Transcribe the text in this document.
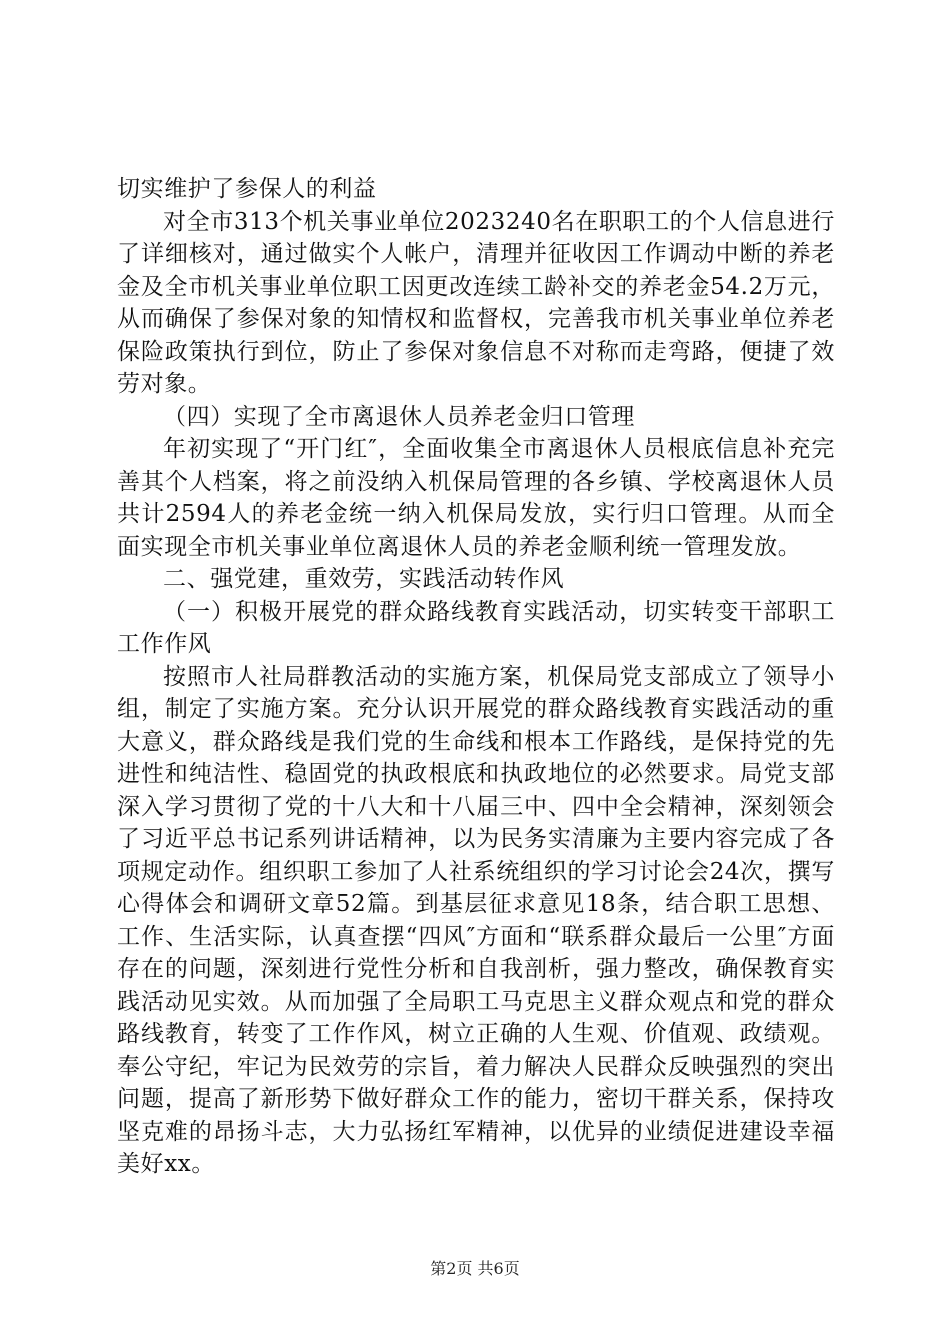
切实维护了参保人的利益

对全市313个机关事业单位2023240名在职职工的个人信息进行了详细核对，通过做实个人帐户，清理并征收因工作调动中断的养老金及全市机关事业单位职工因更改连续工龄补交的养老金54.2万元，从而确保了参保对象的知情权和监督权，完善我市机关事业单位养老保险政策执行到位，防止了参保对象信息不对称而走弯路，便捷了效劳对象。

（四）实现了全市离退休人员养老金归口管理

年初实现了“开门红″，全面收集全市离退休人员根底信息补充完善其个人档案，将之前没纳入机保局管理的各乡镇、学校离退休人员共计2594人的养老金统一纳入机保局发放，实行归口管理。从而全面实现全市机关事业单位离退休人员的养老金顺利统一管理发放。

二、强党建，重效劳，实践活动转作风

（一）积极开展党的群众路线教育实践活动，切实转变干部职工工作作风

按照市人社局群教活动的实施方案，机保局党支部成立了领导小组，制定了实施方案。充分认识开展党的群众路线教育实践活动的重大意义，群众路线是我们党的生命线和根本工作路线，是保持党的先进性和纯洁性、稳固党的执政根底和执政地位的必然要求。局党支部深入学习贯彻了党的十八大和十八届三中、四中全会精神，深刻领会了习近平总书记系列讲话精神，以为民务实清廉为主要内容完成了各项规定动作。组织职工参加了人社系统组织的学习讨论会24次，撰写心得体会和调研文章52篇。到基层征求意见18条，结合职工思想、工作、生活实际，认真查摆“四风″方面和“联系群众最后一公里″方面存在的问题，深刻进行党性分析和自我剖析，强力整改，确保教育实践活动见实效。从而加强了全局职工马克思主义群众观点和党的群众路线教育，转变了工作作风，树立正确的人生观、价值观、政绩观。奉公守纪，牢记为民效劳的宗旨，着力解决人民群众反映强烈的突出问题，提高了新形势下做好群众工作的能力，密切干群关系，保持攻坚克难的昂扬斗志，大力弘扬红军精神，以优异的业绩促进建设幸福美好xx。

第2页 共6页
